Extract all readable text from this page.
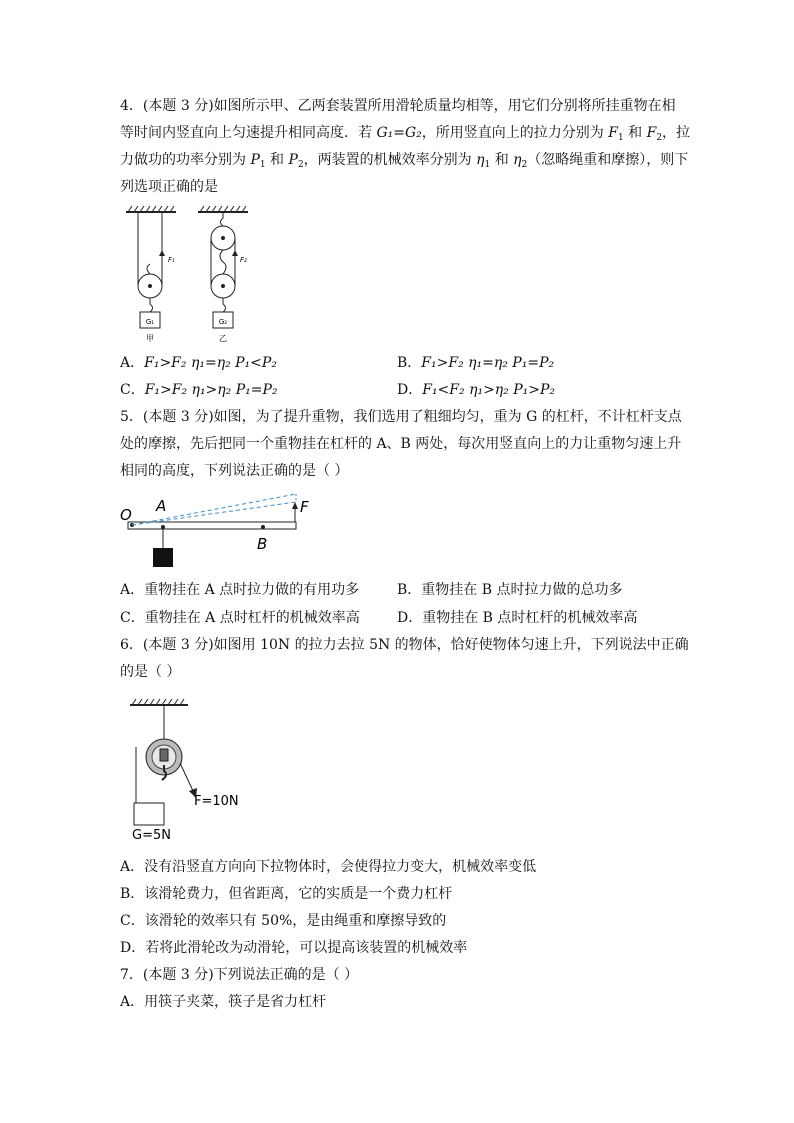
4．(本题 3 分)如图所示甲、乙两套装置所用滑轮质量均相等，用它们分别将所挂重物在相
等时间内竖直向上匀速提升相同高度．若 G₁=G₂，所用竖直向上的拉力分别为 $F_1$ 和 $F_2$，拉
力做功的功率分别为 $P_1$ 和 $P_2$，两装置的机械效率分别为 $\eta_1$ 和 $\eta_2$（忽略绳重和摩擦），则下
列选项正确的是
G₁
F₁
甲
G₂
F₂
乙
A．F₁>F₂ η₁=η₂ P₁<P₂	B．F₁>F₂ η₁=η₂ P₁=P₂
C．F₁>F₂ η₁>η₂ P₁=P₂	D．F₁<F₂ η₁>η₂ P₁>P₂
5．(本题 3 分)如图，为了提升重物，我们选用了粗细均匀，重为 G 的杠杆，不计杠杆支点
处的摩擦，先后把同一个重物挂在杠杆的 A、B 两处，每次用竖直向上的力让重物匀速上升
相同的高度，下列说法正确的是（ ）
O A
B
F
A．重物挂在 A 点时拉力做的有用功多	B．重物挂在 B 点时拉力做的总功多
C．重物挂在 A 点时杠杆的机械效率高	D．重物挂在 B 点时杠杆的机械效率高
6．(本题 3 分)如图用 10N 的拉力去拉 5N 的物体，恰好使物体匀速上升，下列说法中正确
的是（ ）
F=10N
G=5N
A．没有沿竖直方向向下拉物体时，会使得拉力变大，机械效率变低
B．该滑轮费力，但省距离，它的实质是一个费力杠杆
C．该滑轮的效率只有 50%，是由绳重和摩擦导致的
D．若将此滑轮改为动滑轮，可以提高该装置的机械效率
7．(本题 3 分)下列说法正确的是（ ）
A．用筷子夹菜，筷子是省力杠杆
